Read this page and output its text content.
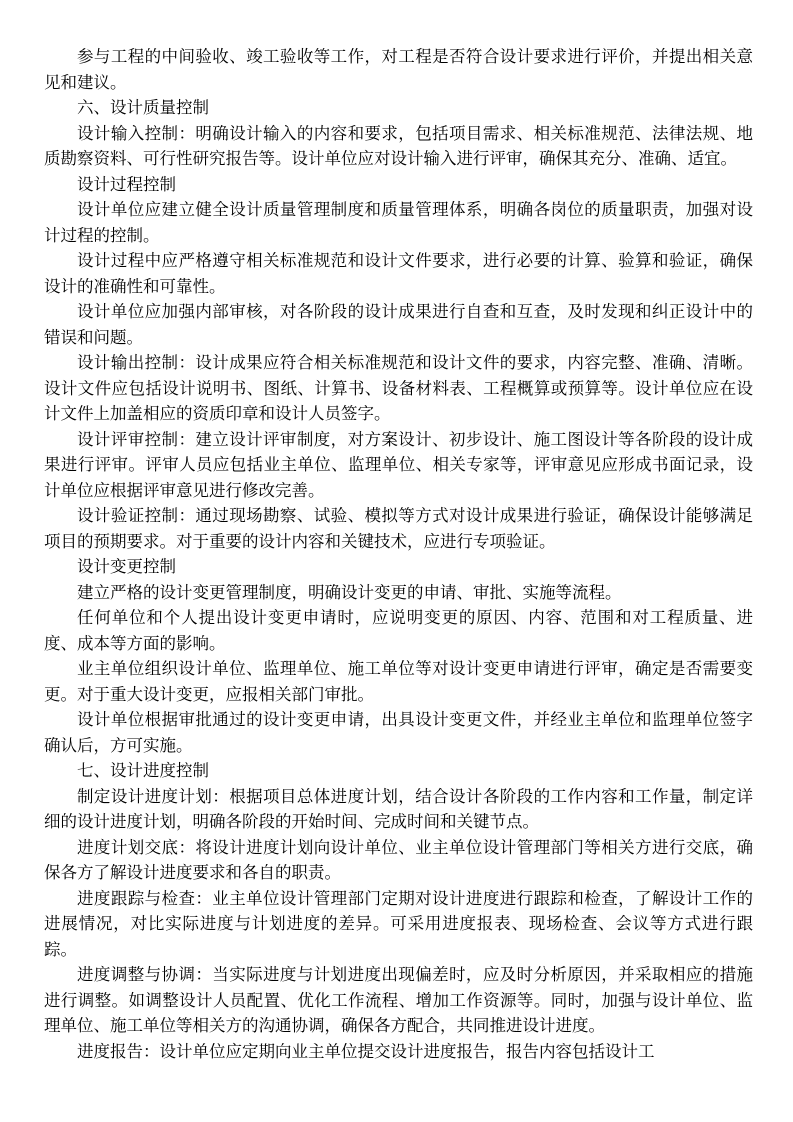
参与工程的中间验收、竣工验收等工作，对工程是否符合设计要求进行评价，并提出相关意见和建议。

六、设计质量控制

设计输入控制：明确设计输入的内容和要求，包括项目需求、相关标准规范、法律法规、地质勘察资料、可行性研究报告等。设计单位应对设计输入进行评审，确保其充分、准确、适宜。

设计过程控制

设计单位应建立健全设计质量管理制度和质量管理体系，明确各岗位的质量职责，加强对设计过程的控制。

设计过程中应严格遵守相关标准规范和设计文件要求，进行必要的计算、验算和验证，确保设计的准确性和可靠性。

设计单位应加强内部审核，对各阶段的设计成果进行自查和互查，及时发现和纠正设计中的错误和问题。

设计输出控制：设计成果应符合相关标准规范和设计文件的要求，内容完整、准确、清晰。设计文件应包括设计说明书、图纸、计算书、设备材料表、工程概算或预算等。设计单位应在设计文件上加盖相应的资质印章和设计人员签字。

设计评审控制：建立设计评审制度，对方案设计、初步设计、施工图设计等各阶段的设计成果进行评审。评审人员应包括业主单位、监理单位、相关专家等，评审意见应形成书面记录，设计单位应根据评审意见进行修改完善。

设计验证控制：通过现场勘察、试验、模拟等方式对设计成果进行验证，确保设计能够满足项目的预期要求。对于重要的设计内容和关键技术，应进行专项验证。

设计变更控制

建立严格的设计变更管理制度，明确设计变更的申请、审批、实施等流程。

任何单位和个人提出设计变更申请时，应说明变更的原因、内容、范围和对工程质量、进度、成本等方面的影响。

业主单位组织设计单位、监理单位、施工单位等对设计变更申请进行评审，确定是否需要变更。对于重大设计变更，应报相关部门审批。

设计单位根据审批通过的设计变更申请，出具设计变更文件，并经业主单位和监理单位签字确认后，方可实施。

七、设计进度控制

制定设计进度计划：根据项目总体进度计划，结合设计各阶段的工作内容和工作量，制定详细的设计进度计划，明确各阶段的开始时间、完成时间和关键节点。

进度计划交底：将设计进度计划向设计单位、业主单位设计管理部门等相关方进行交底，确保各方了解设计进度要求和各自的职责。

进度跟踪与检查：业主单位设计管理部门定期对设计进度进行跟踪和检查，了解设计工作的进展情况，对比实际进度与计划进度的差异。可采用进度报表、现场检查、会议等方式进行跟踪。

进度调整与协调：当实际进度与计划进度出现偏差时，应及时分析原因，并采取相应的措施进行调整。如调整设计人员配置、优化工作流程、增加工作资源等。同时，加强与设计单位、监理单位、施工单位等相关方的沟通协调，确保各方配合，共同推进设计进度。

进度报告：设计单位应定期向业主单位提交设计进度报告，报告内容包括设计工
